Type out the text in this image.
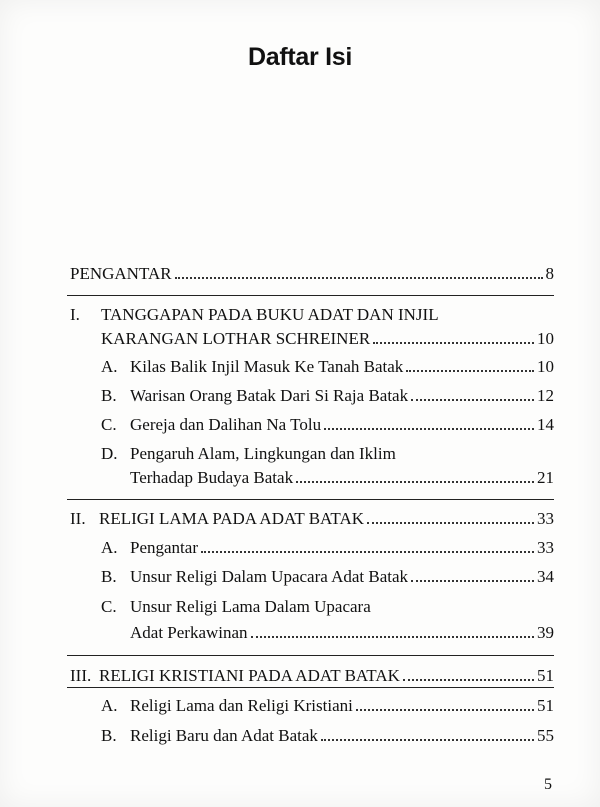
Daftar Isi
PENGANTAR	8
I. TANGGAPAN PADA BUKU ADAT DAN INJIL
KARANGAN LOTHAR SCHREINER	10
A. Kilas Balik Injil Masuk Ke Tanah Batak	10
B. Warisan Orang Batak Dari Si Raja Batak	12
C. Gereja dan Dalihan Na Tolu	14
D. Pengaruh Alam, Lingkungan dan Iklim
Terhadap Budaya Batak	21
II. RELIGI LAMA PADA ADAT BATAK	33
A. Pengantar	33
B. Unsur Religi Dalam Upacara Adat Batak	34
C. Unsur Religi Lama Dalam Upacara
Adat Perkawinan	39
III. RELIGI KRISTIANI PADA ADAT BATAK	51
A. Religi Lama dan Religi Kristiani	51
B. Religi Baru dan Adat Batak	55
5
